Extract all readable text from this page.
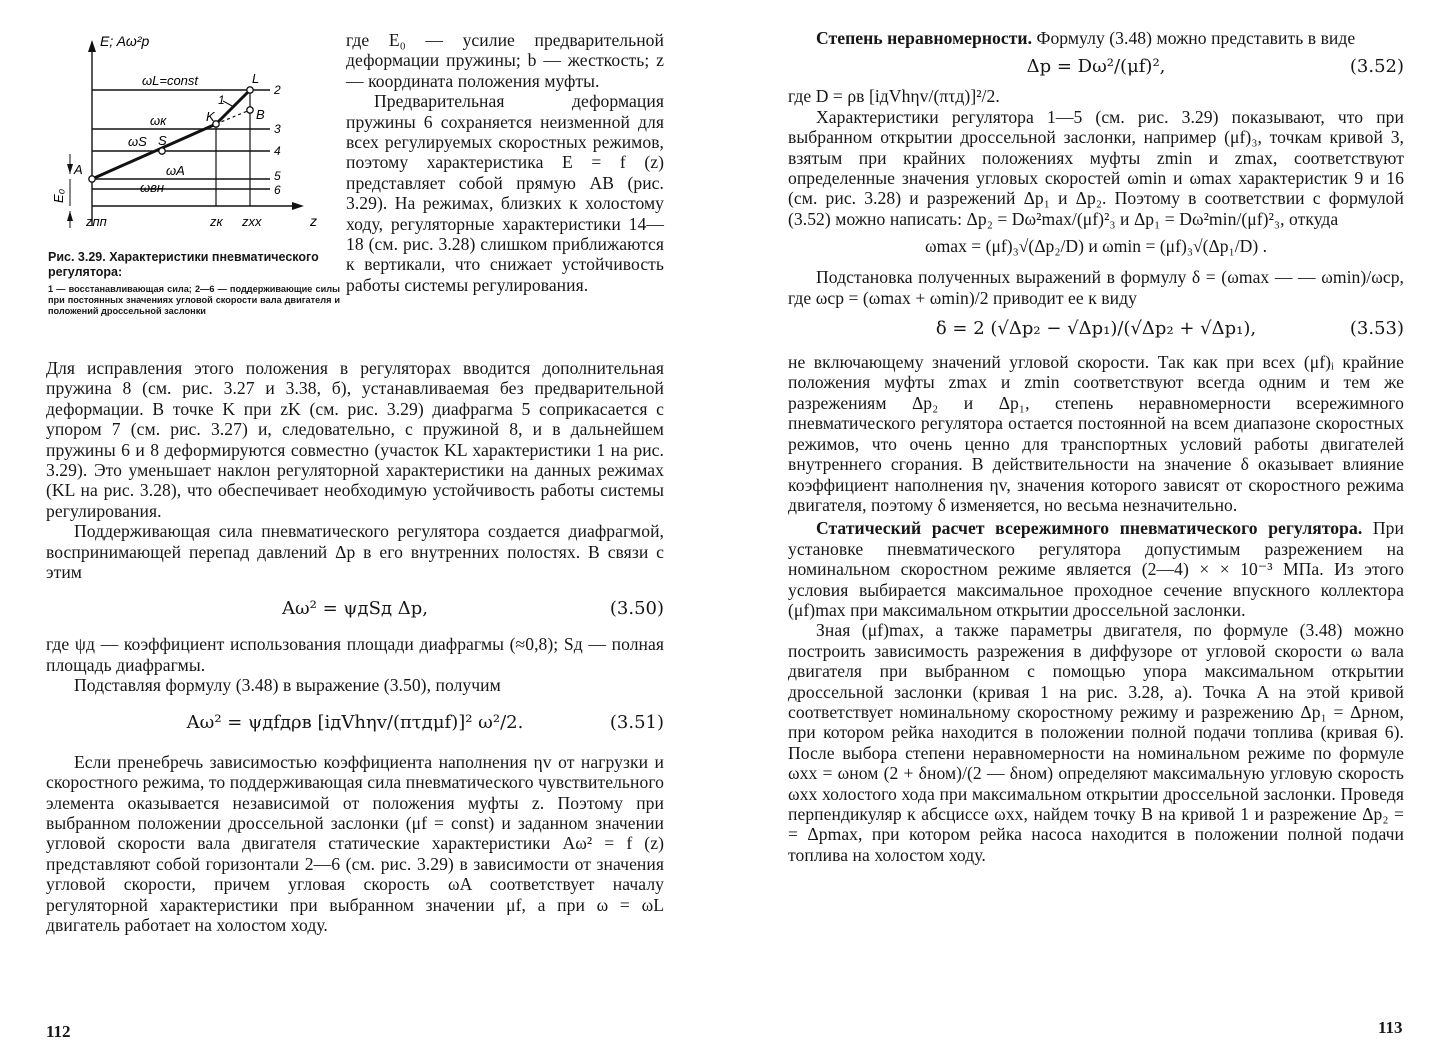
E; Aω²р
z
zпп	zк zхх
E₀
ωL=const
ωк
ωS
ωA
ωвн
L
B
K
S
A
1
2
3
4
5
6

Рис. 3.29. Характеристики пневматического регулятора:

1 — восстанавливающая сила; 2—6 — поддерживающие силы при постоянных значениях угловой скорости вала двигателя и положений дроссельной заслонки

где E₀ — усилие предварительной деформации пружины; b — жесткость; z — координата положения муфты.

Предварительная деформация пружины 6 сохраняется неизменной для всех регулируемых скоростных режимов, поэтому характеристика E = f (z) представляет собой прямую AB (рис. 3.29). На режимах, близких к холостому ходу, регуляторные характеристики 14—18 (см. рис. 3.28) слишком приближаются к вертикали, что снижает устойчивость работы системы регулирования.

Для исправления этого положения в регуляторах вводится дополнительная пружина 8 (см. рис. 3.27 и 3.38, б), устанавливаемая без предварительной деформации. В точке K при zK (см. рис. 3.29) диафрагма 5 соприкасается с упором 7 (см. рис. 3.27) и, следовательно, с пружиной 8, и в дальнейшем пружины 6 и 8 деформируются совместно (участок KL характеристики 1 на рис. 3.29). Это уменьшает наклон регуляторной характеристики на данных режимах (KL на рис. 3.28), что обеспечивает необходимую устойчивость работы системы регулирования.

Поддерживающая сила пневматического регулятора создается диафрагмой, воспринимающей перепад давлений Δp в его внутренних полостях. В связи с этим

Aω² = ψдSд Δp,	(3.50)

где ψд — коэффициент использования площади диафрагмы (≈0,8); Sд — полная площадь диафрагмы.

Подставляя формулу (3.48) в выражение (3.50), получим

Aω² = ψдfдρв [iдVhηv/(πτдμf)]² ω²/2.	(3.51)

Если пренебречь зависимостью коэффициента наполнения ηv от нагрузки и скоростного режима, то поддерживающая сила пневматического чувствительного элемента оказывается независимой от положения муфты z. Поэтому при выбранном положении дроссельной заслонки (μf = const) и заданном значении угловой скорости вала двигателя статические характеристики Aω² = f (z) представляют собой горизонтали 2—6 (см. рис. 3.29) в зависимости от значения угловой скорости, причем угловая скорость ωA соответствует началу регуляторной характеристики при выбранном значении μf, а при ω = ωL двигатель работает на холостом ходу.

112

Степень неравномерности. Формулу (3.48) можно представить в виде

Δp = Dω²/(μf)²,	(3.52)

где D = ρв [iдVhηv/(πτд)]²/2.

Характеристики регулятора 1—5 (см. рис. 3.29) показывают, что при выбранном открытии дроссельной заслонки, например (μf)₃, точкам кривой 3, взятым при крайних положениях муфты zmin и zmax, соответствуют определенные значения угловых скоростей ωmin и ωmax характеристик 9 и 16 (см. рис. 3.28) и разрежений Δp₁ и Δp₂. Поэтому в соответствии с формулой (3.52) можно написать: Δp₂ = Dω²max/(μf)²₃ и Δp₁ = Dω²min/(μf)²₃, откуда

ωmax = (μf)₃√(Δp₂/D) и ωmin = (μf)₃√(Δp₁/D) .

Подстановка полученных выражений в формулу δ = (ωmax — — ωmin)/ωср, где ωср = (ωmax + ωmin)/2 приводит ее к виду

δ = 2 (√Δp₂ − √Δp₁)/(√Δp₂ + √Δp₁),	(3.53)

не включающему значений угловой скорости. Так как при всех (μf)ᵢ крайние положения муфты zmax и zmin соответствуют всегда одним и тем же разрежениям Δp₂ и Δp₁, степень неравномерности всережимного пневматического регулятора остается постоянной на всем диапазоне скоростных режимов, что очень ценно для транспортных условий работы двигателей внутреннего сгорания. В действительности на значение δ оказывает влияние коэффициент наполнения ηv, значения которого зависят от скоростного режима двигателя, поэтому δ изменяется, но весьма незначительно.

Статический расчет всережимного пневматического регулятора. При установке пневматического регулятора допустимым разрежением на номинальном скоростном режиме является (2—4) × × 10⁻³ МПа. Из этого условия выбирается максимальное проходное сечение впускного коллектора (μf)max при максимальном открытии дроссельной заслонки.

Зная (μf)max, а также параметры двигателя, по формуле (3.48) можно построить зависимость разрежения в диффузоре от угловой скорости ω вала двигателя при выбранном с помощью упора максимальном открытии дроссельной заслонки (кривая 1 на рис. 3.28, а). Точка A на этой кривой соответствует номинальному скоростному режиму и разрежению Δp₁ = Δpном, при котором рейка находится в положении полной подачи топлива (кривая 6). После выбора степени неравномерности на номинальном режиме по формуле ωxx = ωном (2 + δном)/(2 — δном) определяют максимальную угловую скорость ωxx холостого хода при максимальном открытии дроссельной заслонки. Проведя перпендикуляр к абсциссе ωxx, найдем точку B на кривой 1 и разрежение Δp₂ = = Δpmax, при котором рейка насоса находится в положении полной подачи топлива на холостом ходу.

113
